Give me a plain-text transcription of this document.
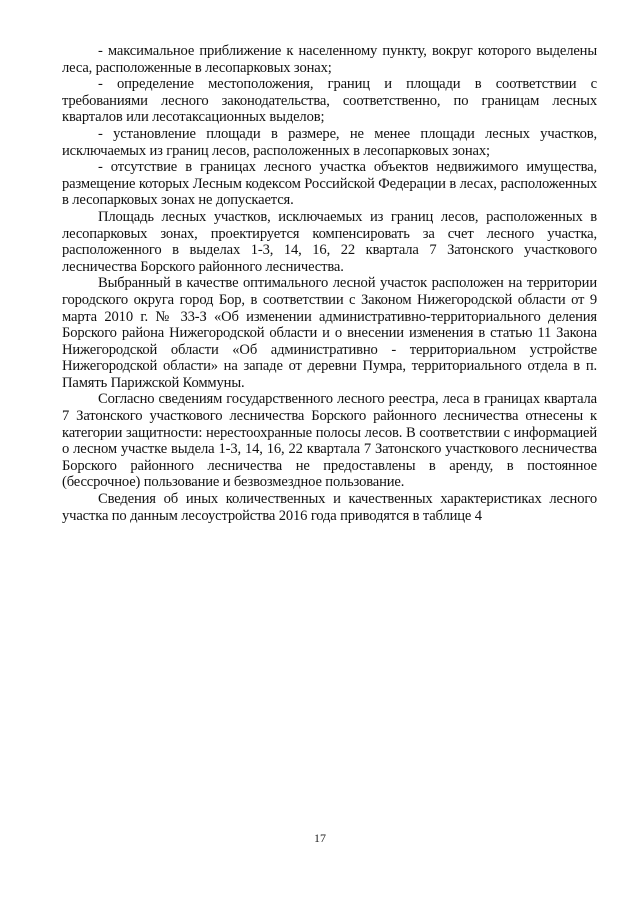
- максимальное приближение к населенному пункту, вокруг которого выделены леса, расположенные в лесопарковых зонах;

- определение местоположения, границ и площади в соответствии с требованиями лесного законодательства, соответственно, по границам лесных кварталов или лесотаксационных выделов;

- установление площади в размере, не менее площади лесных участков, исключаемых из границ лесов, расположенных в лесопарковых зонах;

- отсутствие в границах лесного участка объектов недвижимого имущества, размещение которых Лесным кодексом Российской Федерации в лесах, расположенных в лесопарковых зонах не допускается.

Площадь лесных участков, исключаемых из границ лесов, расположенных в лесопарковых зонах, проектируется компенсировать за счет лесного участка, расположенного в выделах 1-3, 14, 16, 22 квартала 7 Затонского участкового лесничества Борского районного лесничества.

Выбранный в качестве оптимального лесной участок расположен на территории городского округа город Бор, в соответствии с Законом Нижегородской области от 9 марта 2010 г. № 33-З «Об изменении административно-территориального деления Борского района Нижегородской области и о внесении изменения в статью 11 Закона Нижегородской области «Об административно - территориальном устройстве Нижегородской области» на западе от деревни Пумра, территориального отдела в п. Память Парижской Коммуны.

Согласно сведениям государственного лесного реестра, леса в границах квартала 7 Затонского участкового лесничества Борского районного лесничества отнесены к категории защитности: нерестоохранные полосы лесов. В соответствии с информацией о лесном участке выдела 1-3, 14, 16, 22 квартала 7 Затонского участкового лесничества Борского районного лесничества не предоставлены в аренду, в постоянное (бессрочное) пользование и безвозмездное пользование.

Сведения об иных количественных и качественных характеристиках лесного участка по данным лесоустройства 2016 года приводятся в таблице 4

17
